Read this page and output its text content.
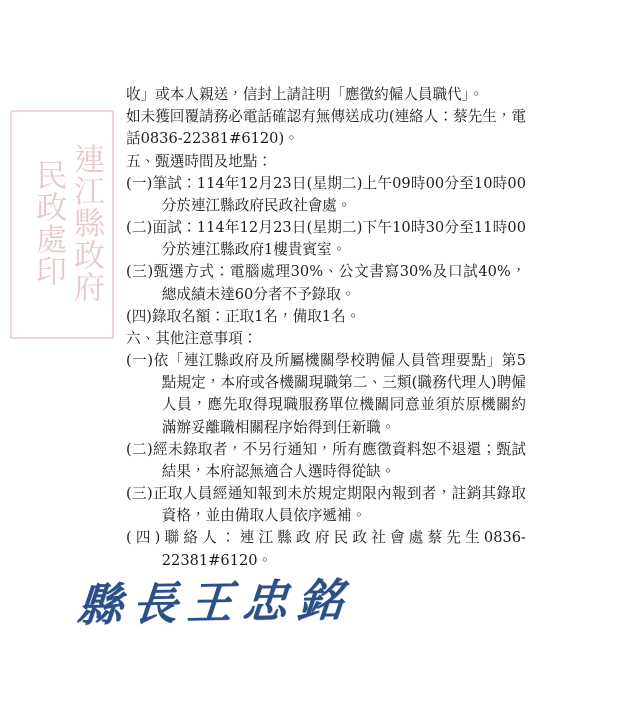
連江縣政府
民政處印

收」或本人親送，信封上請註明「應徵約僱人員職代」。

如未獲回覆請務必電話確認有無傳送成功(連絡人：蔡先生，電話0836-22381#6120)。

五、甄選時間及地點：

(一)筆試：114年12月23日(星期二)上午09時00分至10時00分於連江縣政府民政社會處。

(二)面試：114年12月23日(星期二)下午10時30分至11時00分於連江縣政府1樓貴賓室。

(三)甄選方式：電腦處理30%、公文書寫30%及口試40%，總成績未達60分者不予錄取。

(四)錄取名額：正取1名，備取1名。

六、其他注意事項：

(一)依「連江縣政府及所屬機關學校聘僱人員管理要點」第5點規定，本府或各機關現職第二、三類(職務代理人)聘僱人員，應先取得現職服務單位機關同意並須於原機關約滿辦妥離職相關程序始得到任新職。

(二)經未錄取者，不另行通知，所有應徵資料恕不退還；甄試結果，本府認無適合人選時得從缺。

(三)正取人員經通知報到未於規定期限內報到者，註銷其錄取資格，並由備取人員依序遞補。

(四)聯絡人：連江縣政府民政社會處蔡先生0836-22381#6120。

縣長王忠銘
